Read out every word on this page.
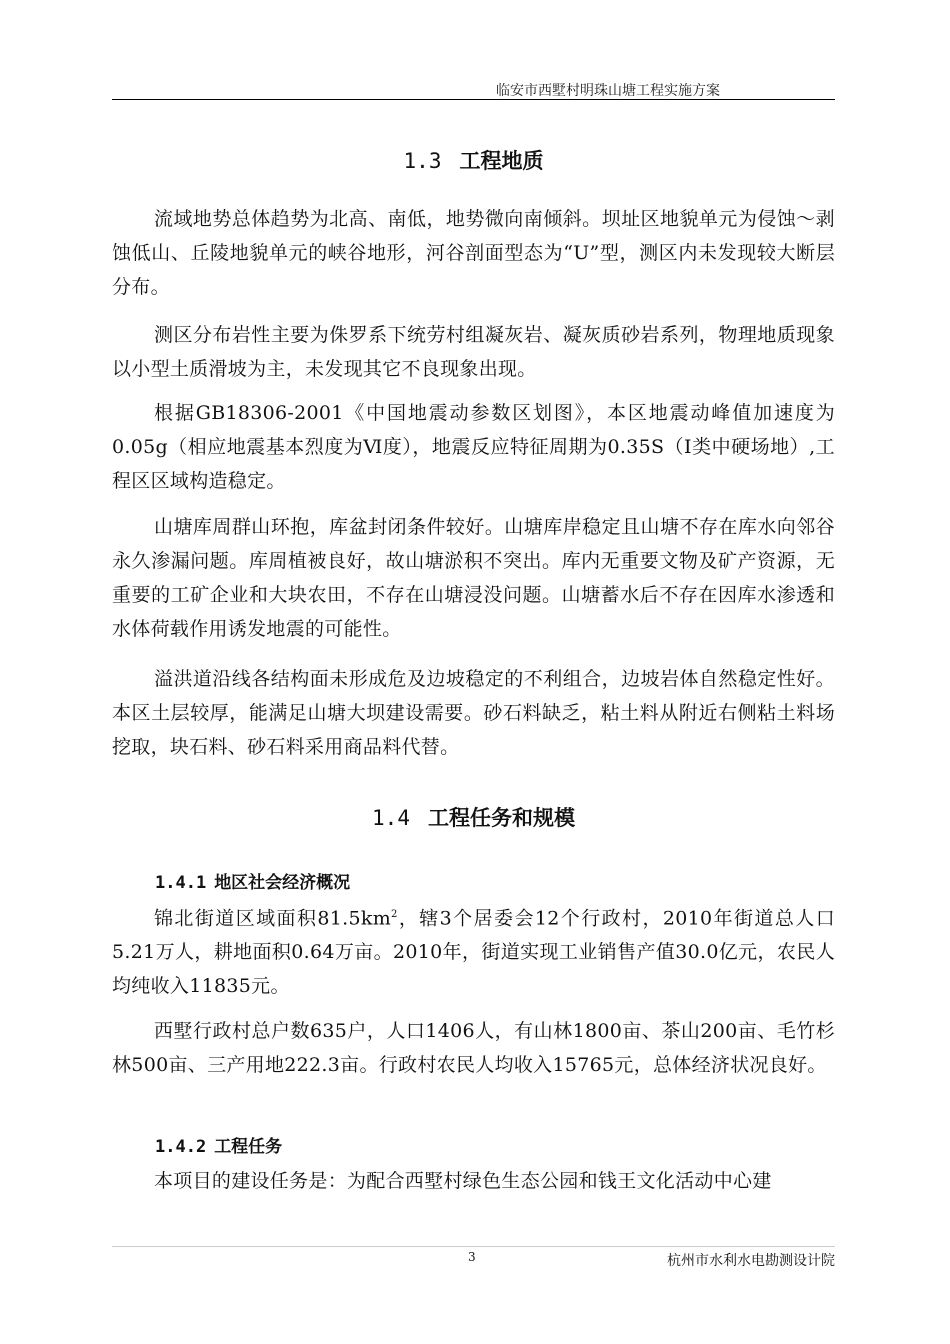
临安市西墅村明珠山塘工程实施方案
1.3 工程地质

流域地势总体趋势为北高、南低，地势微向南倾斜。坝址区地貌单元为侵蚀～剥蚀低山、丘陵地貌单元的峡谷地形，河谷剖面型态为“U”型，测区内未发现较大断层分布。

测区分布岩性主要为侏罗系下统劳村组凝灰岩、凝灰质砂岩系列，物理地质现象以小型土质滑坡为主，未发现其它不良现象出现。

根据GB18306-2001《中国地震动参数区划图》，本区地震动峰值加速度为0.05g（相应地震基本烈度为Ⅵ度），地震反应特征周期为0.35S（Ⅰ类中硬场地）,工程区区域构造稳定。

山塘库周群山环抱，库盆封闭条件较好。山塘库岸稳定且山塘不存在库水向邻谷永久渗漏问题。库周植被良好，故山塘淤积不突出。库内无重要文物及矿产资源，无重要的工矿企业和大块农田，不存在山塘浸没问题。山塘蓄水后不存在因库水渗透和水体荷载作用诱发地震的可能性。

溢洪道沿线各结构面未形成危及边坡稳定的不利组合，边坡岩体自然稳定性好。本区土层较厚，能满足山塘大坝建设需要。砂石料缺乏，粘土料从附近右侧粘土料场挖取，块石料、砂石料采用商品料代替。

1.4 工程任务和规模
1.4.1 地区社会经济概况

锦北街道区域面积$81.5km^2$，辖3个居委会12个行政村，2010年街道总人口5.21万人，耕地面积0.64万亩。2010年，街道实现工业销售产值30.0亿元，农民人均纯收入11835元。

西墅行政村总户数635户，人口1406人，有山林1800亩、茶山200亩、毛竹杉林500亩、三产用地222.3亩。行政村农民人均收入15765元，总体经济状况良好。

1.4.2 工程任务

本项目的建设任务是：为配合西墅村绿色生态公园和钱王文化活动中心建

3	杭州市水利水电勘测设计院
